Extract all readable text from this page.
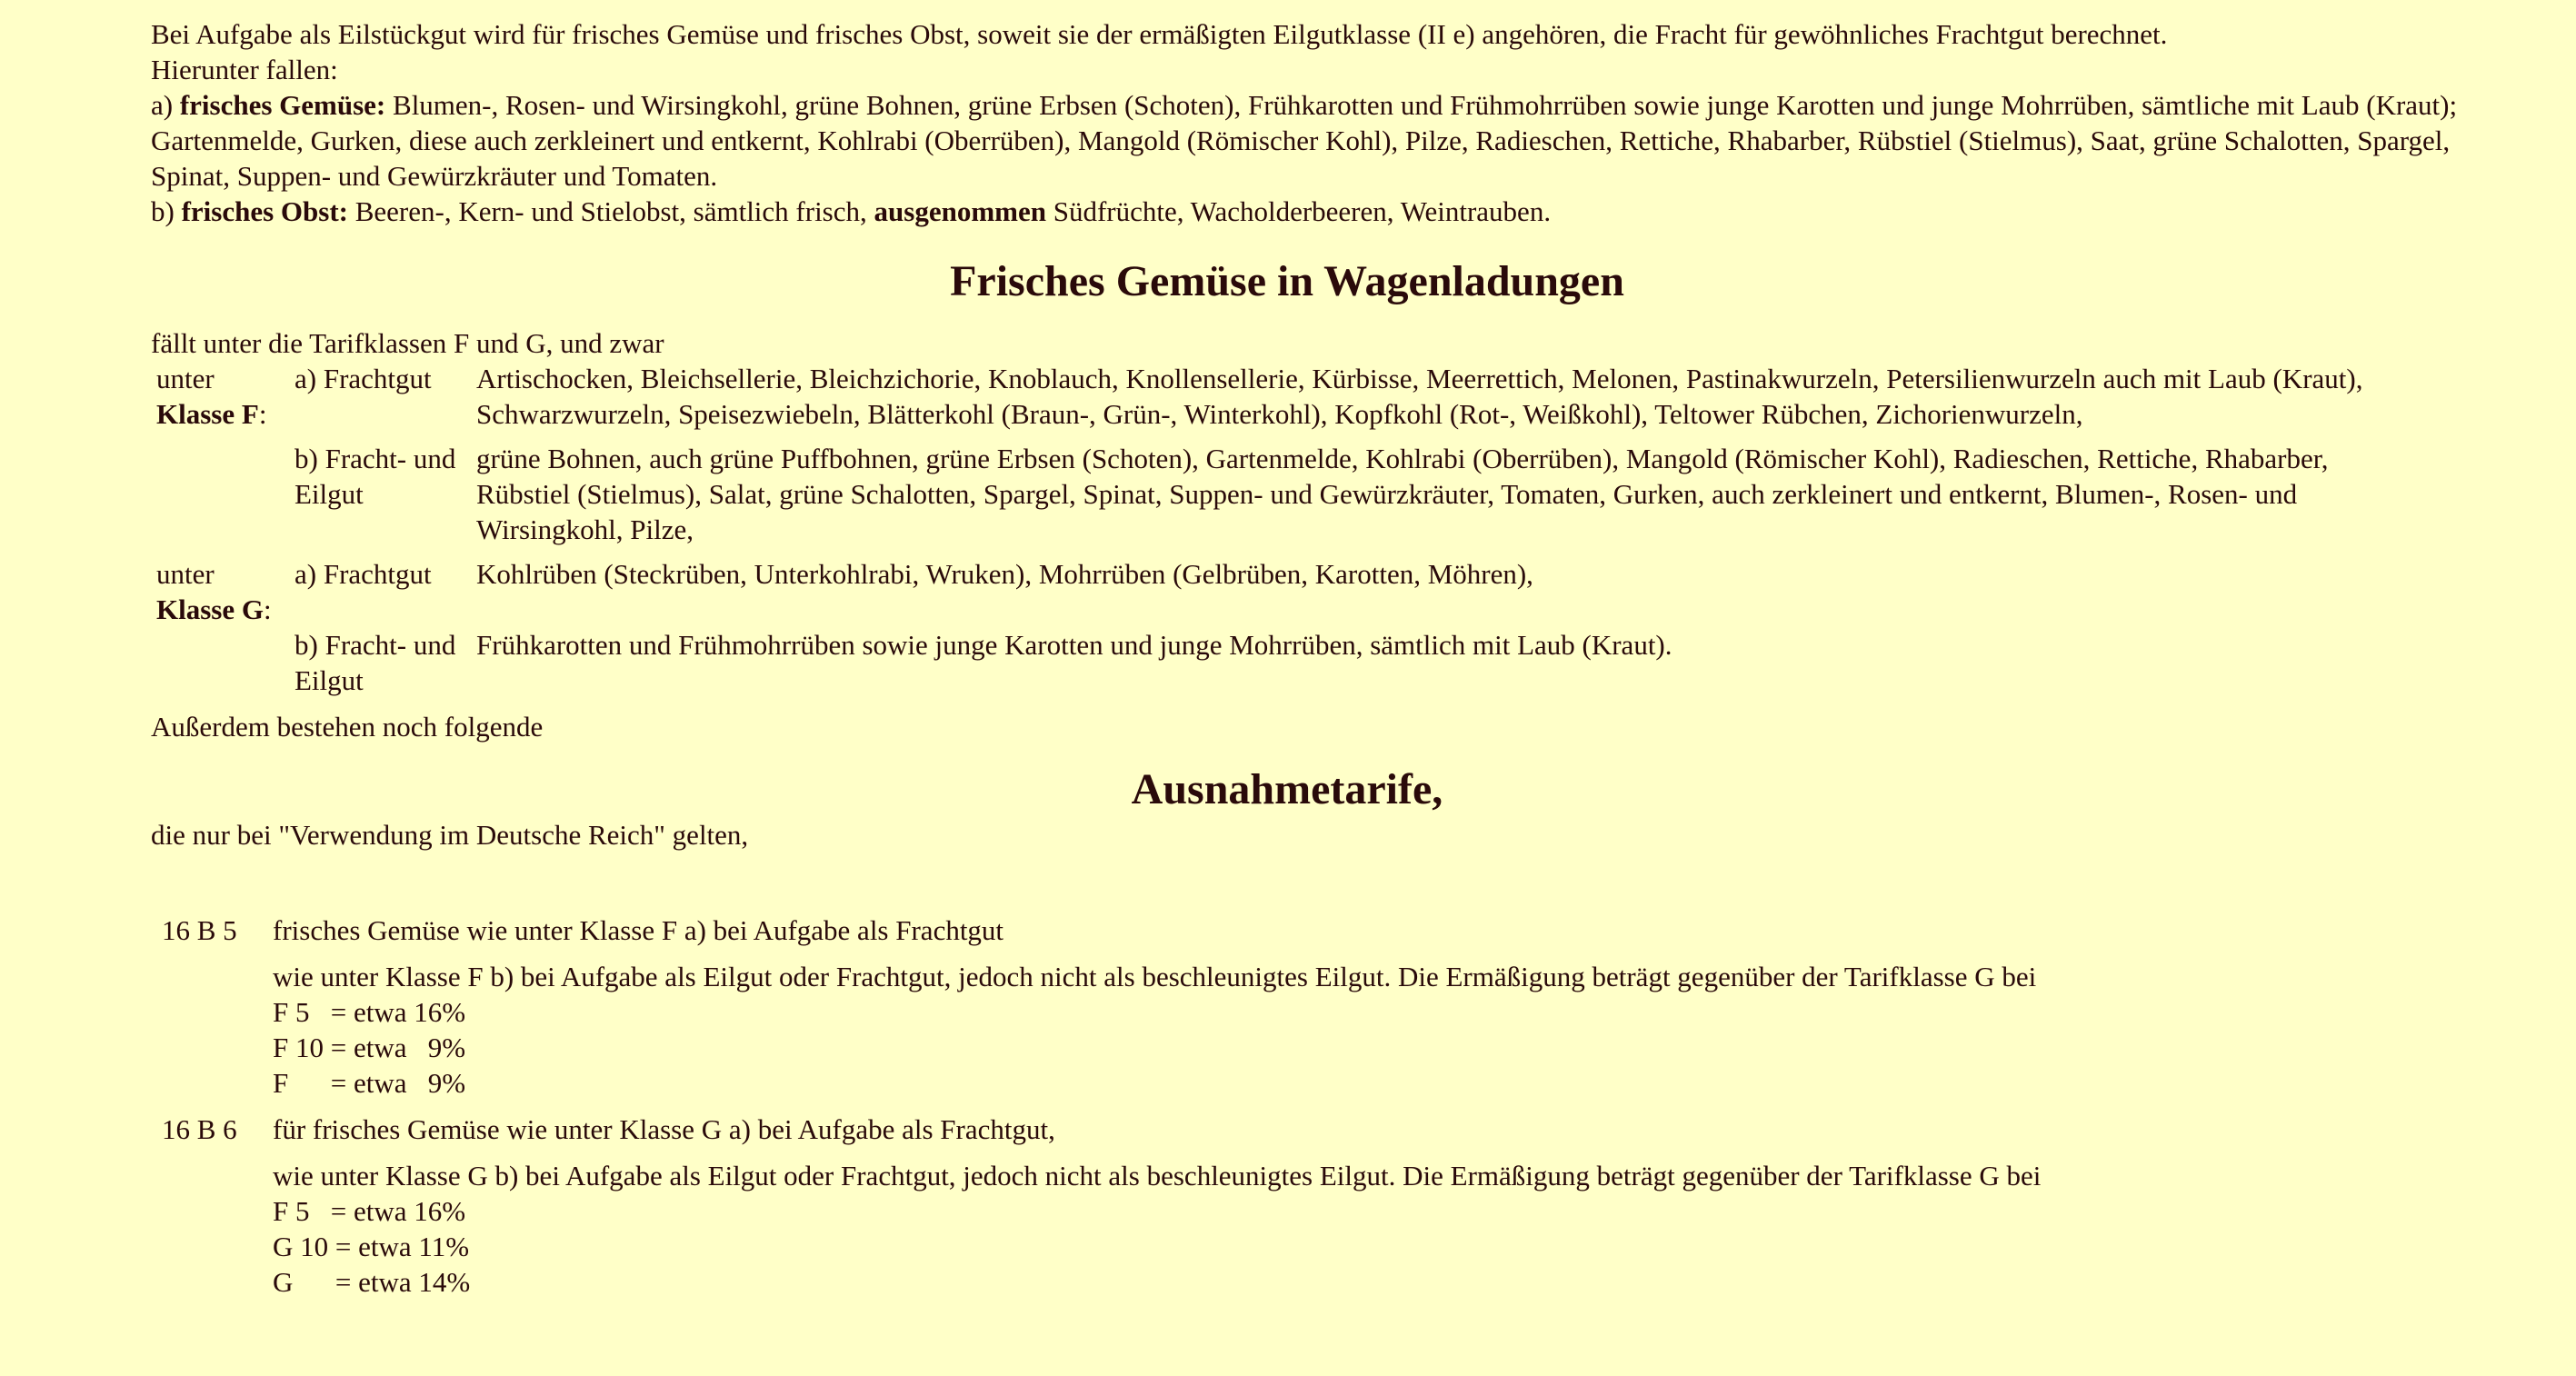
Bei Aufgabe als Eilstückgut wird für frisches Gemüse und frisches Obst, soweit sie der ermäßigten Eilgutklasse (II e) angehören, die Fracht für gewöhnliches Frachtgut berechnet.

Hierunter fallen:

a) frisches Gemüse: Blumen-, Rosen- und Wirsingkohl, grüne Bohnen, grüne Erbsen (Schoten), Frühkarotten und Frühmohrrüben sowie junge Karotten und junge Mohrrüben, sämtliche mit Laub (Kraut); Gartenmelde, Gurken, diese auch zerkleinert und entkernt, Kohlrabi (Oberrüben), Mangold (Römischer Kohl), Pilze, Radieschen, Rettiche, Rhabarber, Rübstiel (Stielmus), Saat, grüne Schalotten, Spargel, Spinat, Suppen- und Gewürzkräuter und Tomaten.

b) frisches Obst: Beeren-, Kern- und Stielobst, sämtlich frisch, ausgenommen Südfrüchte, Wacholderbeeren, Weintrauben.

Frisches Gemüse in Wagenladungen

fällt unter die Tarifklassen F und G, und zwar

unter
Klasse F:	a) Frachtgut	Artischocken, Bleichsellerie, Bleichzichorie, Knoblauch, Knollensellerie, Kürbisse, Meerrettich, Melonen, Pastinakwurzeln, Petersilienwurzeln auch mit Laub (Kraut), Schwarzwurzeln, Speisezwiebeln, Blätterkohl (Braun-, Grün-, Winterkohl), Kopfkohl (Rot-, Weißkohl), Teltower Rübchen, Zichorienwurzeln,
	b) Fracht- und Eilgut	grüne Bohnen, auch grüne Puffbohnen, grüne Erbsen (Schoten), Gartenmelde, Kohlrabi (Oberrüben), Mangold (Römischer Kohl), Radieschen, Rettiche, Rhabarber, Rübstiel (Stielmus), Salat, grüne Schalotten, Spargel, Spinat, Suppen- und Gewürzkräuter, Tomaten, Gurken, auch zerkleinert und entkernt, Blumen-, Rosen- und Wirsingkohl, Pilze,
unter
Klasse G:	a) Frachtgut	Kohlrüben (Steckrüben, Unterkohlrabi, Wruken), Mohrrüben (Gelbrüben, Karotten, Möhren),
	b) Fracht- und Eilgut	Frühkarotten und Frühmohrrüben sowie junge Karotten und junge Mohrrüben, sämtlich mit Laub (Kraut).

Außerdem bestehen noch folgende

Ausnahmetarife,

die nur bei "Verwendung im Deutsche Reich" gelten,

16 B 5	frisches Gemüse wie unter Klasse F a) bei Aufgabe als Frachtgut

wie unter Klasse F b) bei Aufgabe als Eilgut oder Frachtgut, jedoch nicht als beschleunigtes Eilgut. Die Ermäßigung beträgt gegenüber der Tarifklasse G bei

F 5   = etwa 16%

F 10 = etwa   9%

F      = etwa   9%

16 B 6	für frisches Gemüse wie unter Klasse G a) bei Aufgabe als Frachtgut,

wie unter Klasse G b) bei Aufgabe als Eilgut oder Frachtgut, jedoch nicht als beschleunigtes Eilgut. Die Ermäßigung beträgt gegenüber der Tarifklasse G bei

F 5   = etwa 16%

G 10 = etwa 11%

G      = etwa 14%
